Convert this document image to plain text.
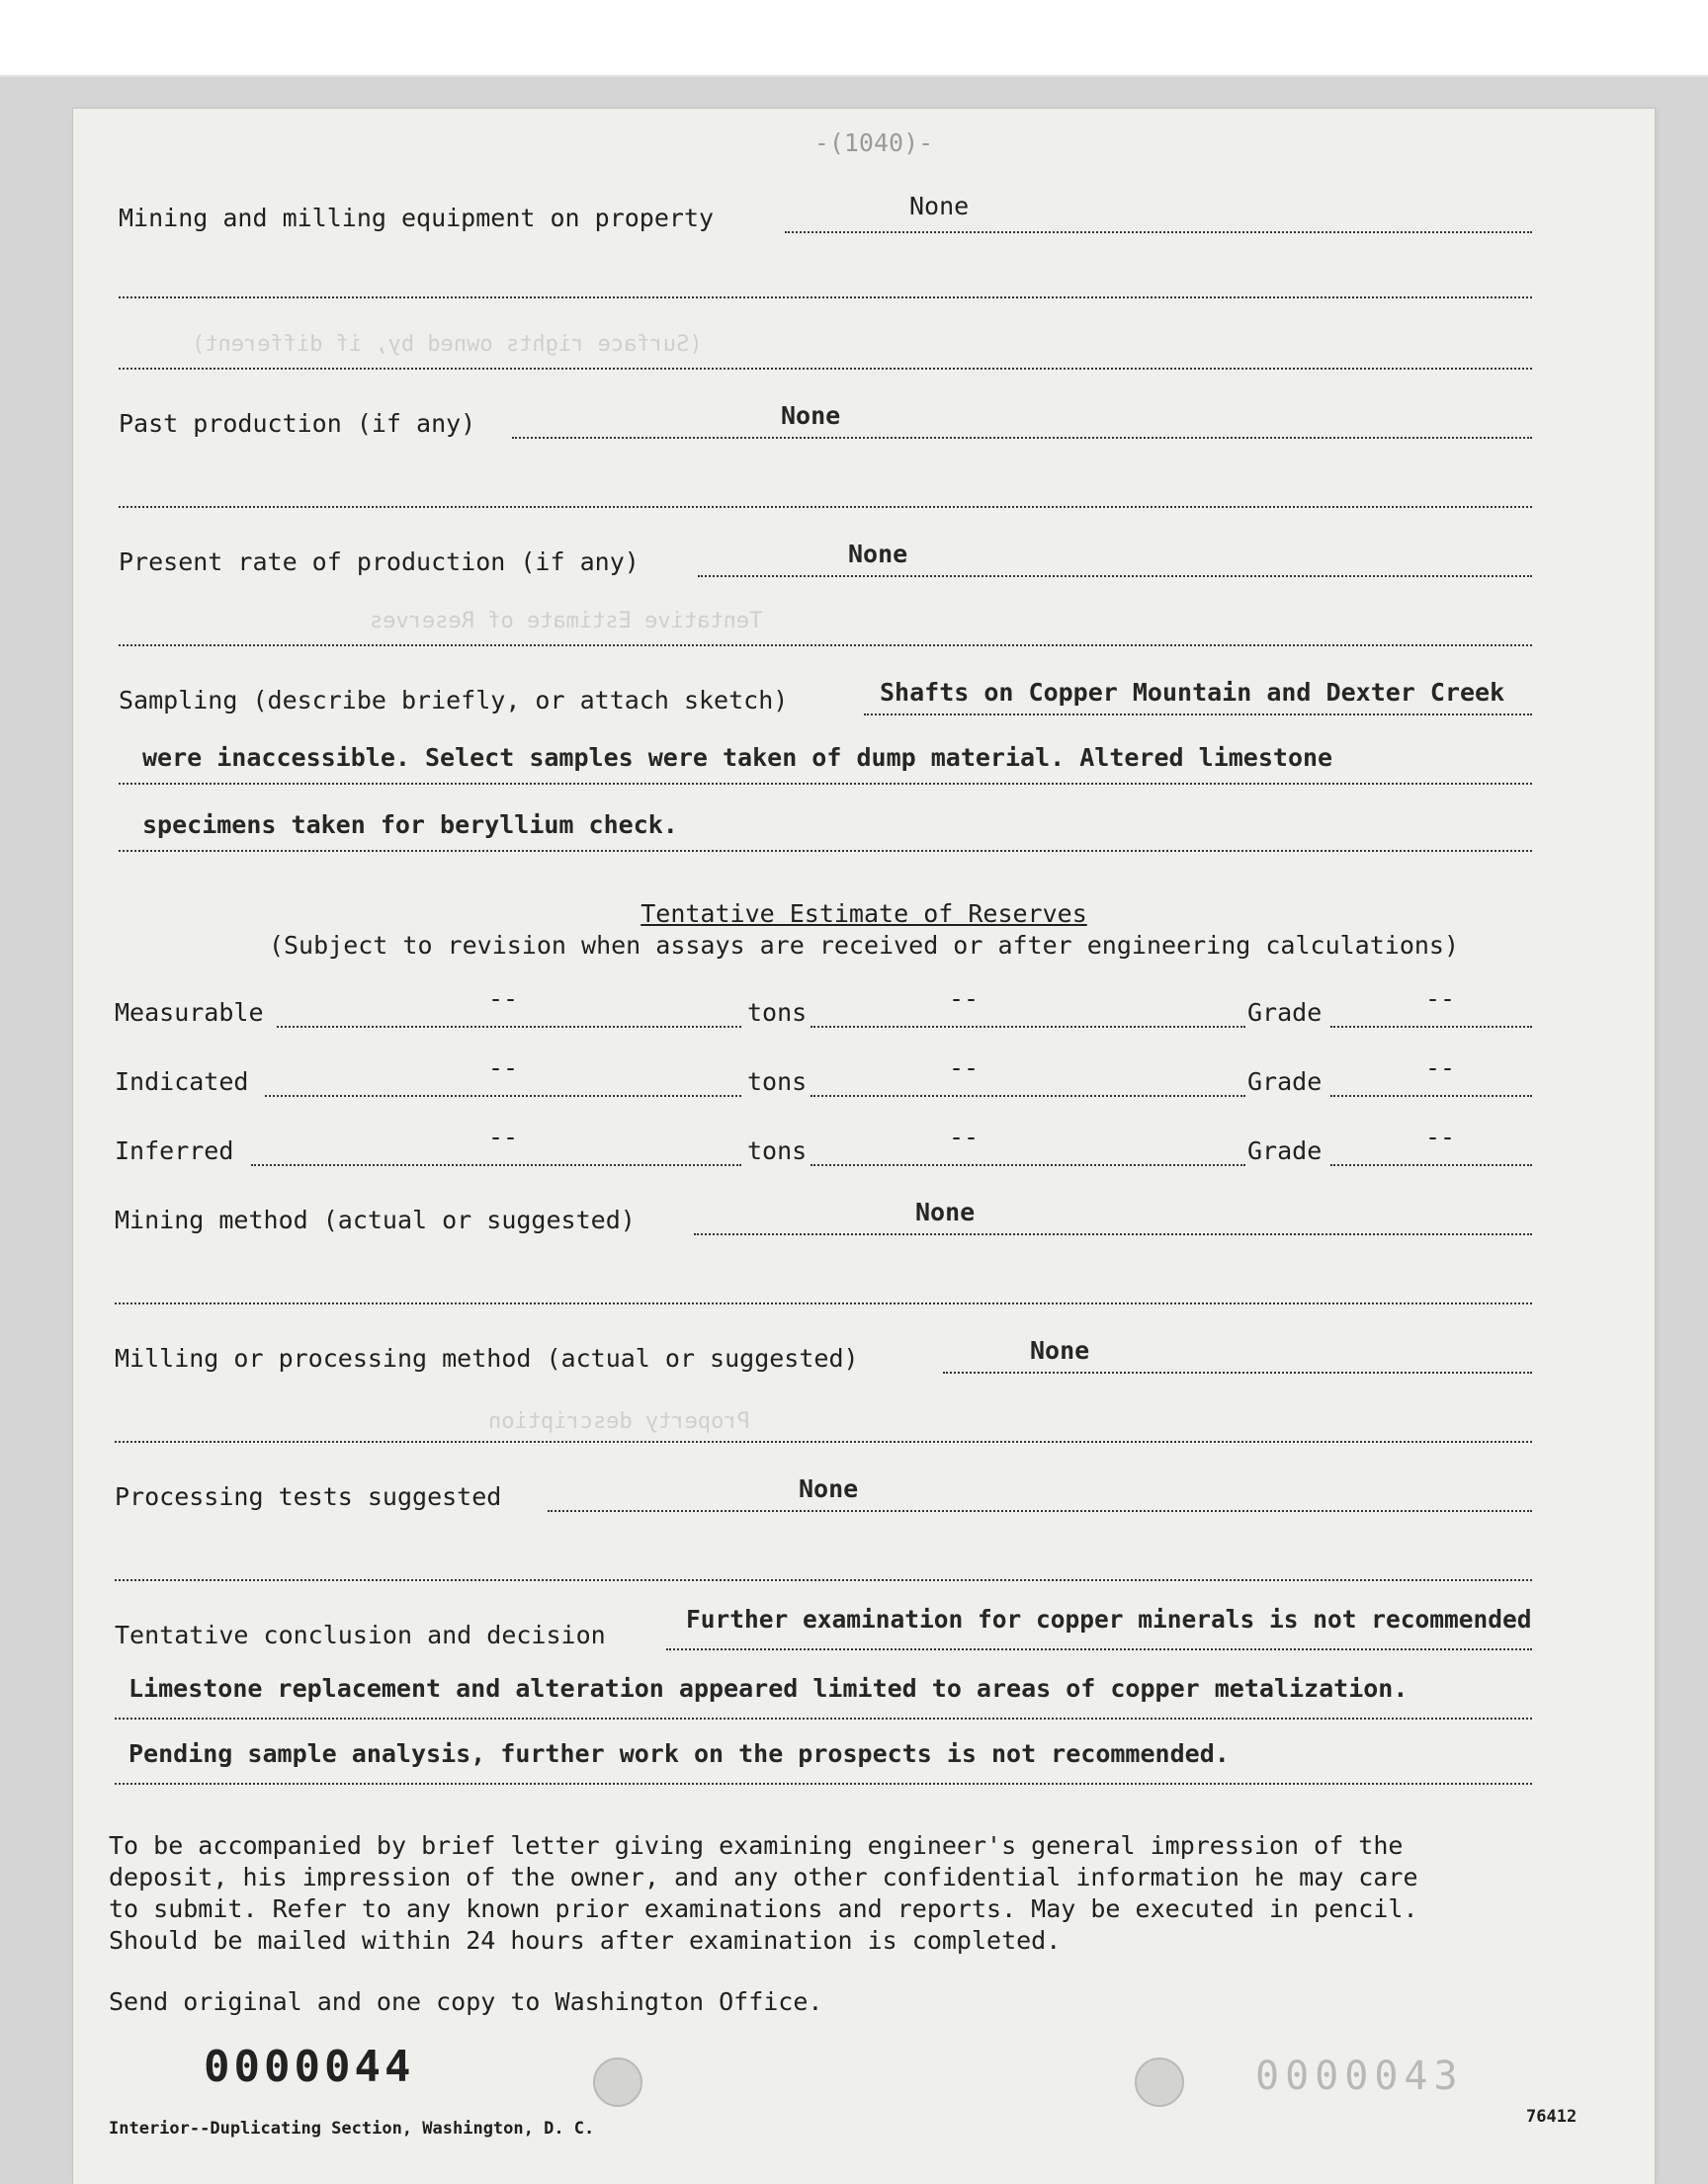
(Surface rights owned by, if different)
Tentative Estimate of Reserves
Property description
-(1040)-
Mining and milling equipment on property	None
Past production (if any)	None
Present rate of production (if any)	None
Sampling (describe briefly, or attach sketch)	Shafts on Copper Mountain and Dexter Creek
were inaccessible. Select samples were taken of dump material. Altered limestone
specimens taken for beryllium check.
Tentative Estimate of Reserves
(Subject to revision when assays are received or after engineering calculations)
Measurable	--	tons	--	Grade	--
Indicated	--	tons	--	Grade	--
Inferred	--	tons	--	Grade	--
Mining method (actual or suggested)	None
Milling or processing method (actual or suggested)	None
Processing tests suggested	None
Tentative conclusion and decision
Further examination for copper minerals is not recommended
Limestone replacement and alteration appeared limited to areas of copper metalization.
Pending sample analysis, further work on the prospects is not recommended.
To be accompanied by brief letter giving examining engineer's general impression of the
deposit, his impression of the owner, and any other confidential information he may care
to submit. Refer to any known prior examinations and reports. May be executed in pencil.
Should be mailed within 24 hours after examination is completed.
Send original and one copy to Washington Office.
0000044	0000043
Interior--Duplicating Section, Washington, D. C.
76412
